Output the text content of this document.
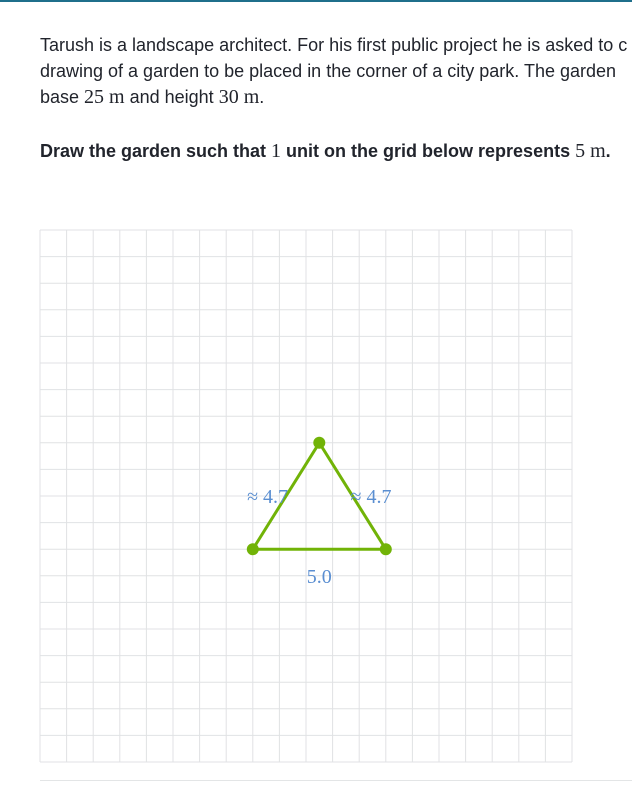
Tarush is a landscape architect. For his first public project he is asked to c

drawing of a garden to be placed in the corner of a city park. The garden

base 25 m and height 30 m.

Draw the garden such that 1 unit on the grid below represents 5 m.
≈ 4.7	≈ 4.7
5.0
